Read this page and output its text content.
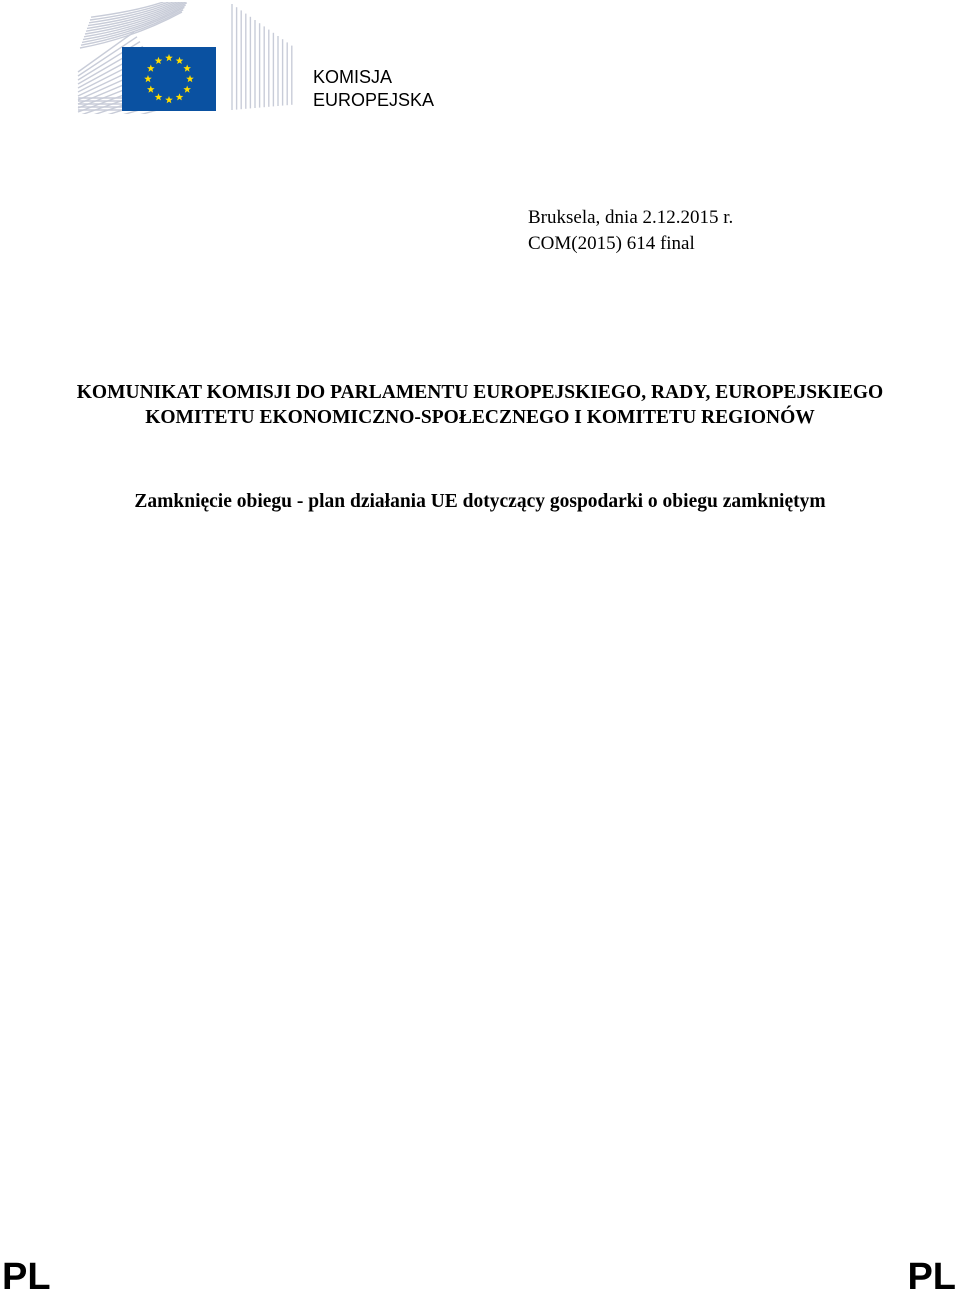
KOMISJA
EUROPEJSKA
Bruksela, dnia 2.12.2015 r.
COM(2015) 614 final
KOMUNIKAT KOMISJI DO PARLAMENTU EUROPEJSKIEGO, RADY, EUROPEJSKIEGO KOMITETU EKONOMICZNO-SPOŁECZNEGO I KOMITETU REGIONÓW
Zamknięcie obiegu - plan działania UE dotyczący gospodarki o obiegu zamkniętym
PL	PL
